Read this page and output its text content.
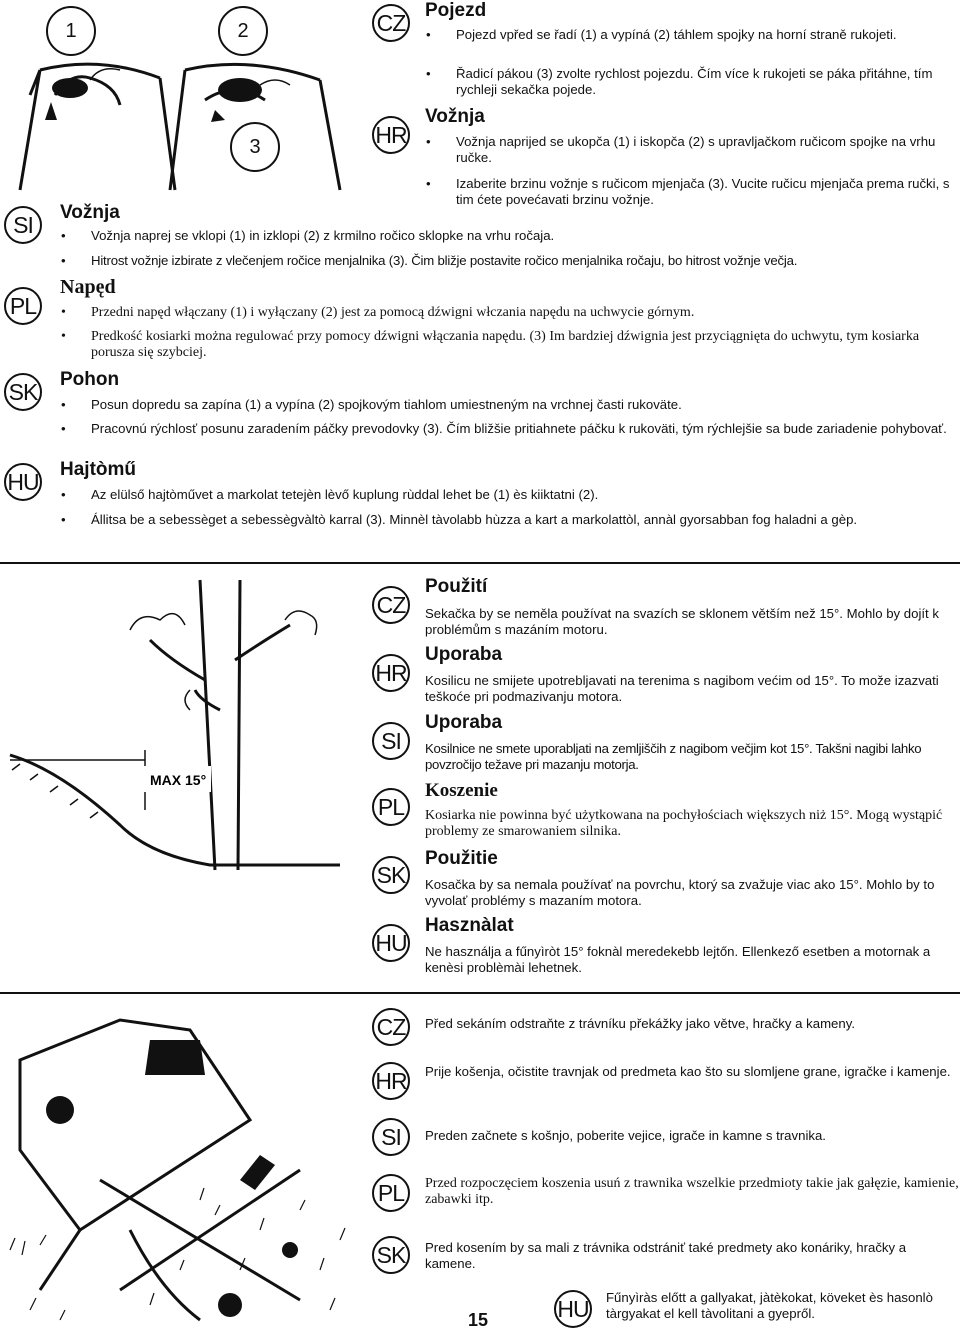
1	2
3
CZ Pojezd
• Pojezd vpřed se řadí (1) a vypíná (2) táhlem spojky na horní straně rukojeti.
• Řadicí pákou (3) zvolte rychlost pojezdu. Čím více k rukojeti se páka přitáhne, tím rychleji sekačka pojede.
HR
Vožnja
• Vožnja naprijed se ukopča (1) i iskopča (2) s upravljačkom ručicom spojke na vrhu ručke.
• Izaberite brzinu vožnje s ručicom mjenjača (3). Vucite ručicu mjenjača prema ručki, s tim ćete povećavati brzinu vožnje.
SI	Vožnja
• Vožnja naprej se vklopi (1) in izklopi (2) z krmilno ročico sklopke na vrhu ročaja.
• Hitrost vožnje izbirate z vlečenjem ročice menjalnika (3). Čim bližje postavite ročico menjalnika ročaju, bo hitrost vožnje večja.
PL
Napęd
• Przedni napęd włączany (1) i wyłączany (2) jest za pomocą dźwigni włczania napędu na uchwycie górnym.
• Predkość kosiarki można regulować przy pomocy dźwigni włączania napędu. (3) Im bardziej dźwignia jest przyciągnięta do uchwytu, tym kosiarka porusza się szybciej.
SK Pohon
• Posun dopredu sa zapína (1) a vypína (2) spojkovým tiahlom umiestneným na vrchnej časti rukoväte.
• Pracovnú rýchlosť posunu zaradením páčky prevodovky (3). Čím bližšie pritiahnete páčku k rukoväti, tým rýchlejšie sa bude zariadenie pohybovať.
HU Hajtòmű
• Az elülső hajtòművet a markolat tetejèn lèvő kuplung rùddal lehet be (1) ès kiiktatni (2).
• Állitsa be a sebessèget a sebessègvàltò karral (3). Minnèl tàvolabb hùzza a kart a markolattòl, annàl gyorsabban fog haladni a gèp.
MAX 15°
CZ
Použití
Sekačka by se neměla používat na svazích se sklonem větším než 15°. Mohlo by dojít k problémům s mazáním motoru.
HR
Uporaba
Kosilicu ne smijete upotrebljavati na terenima s nagibom većim od 15°. To može izazvati teškoće pri podmazivanju motora.
SI
Uporaba
Kosilnice ne smete uporabljati na zemljiščih z nagibom večjim kot 15°. Takšni nagibi lahko povzročijo težave pri mazanju motorja.
PL
Koszenie
Kosiarka nie powinna być użytkowana na pochyłościach większych niż 15°. Mogą wystąpić problemy ze smarowaniem silnika.
SK
Použitie
Kosačka by sa nemala používať na povrchu, ktorý sa zvažuje viac ako 15°. Mohlo by to vyvolať problémy s mazaním motora.
HU
Hasznàlat
Ne használja a fűnyìròt 15° foknàl meredekebb lejtőn. Ellenkező esetben a motornak a kenèsi problèmài lehetnek.
CZ	Před sekáním odstraňte z trávníku překážky jako větve, hračky a kameny.
HR Prije košenja, očistite travnjak od predmeta kao što su slomljene grane, igračke i kamenje.
SI	Preden začnete s košnjo, poberite vejice, igrače in kamne s travnika.
PL	Przed rozpoczęciem koszenia usuń z trawnika wszelkie przedmioty takie jak gałęzie, kamienie, zabawki itp.
SK	Pred kosením by sa mali z trávnika odstrániť také predmety ako konáriky, hračky a kamene.
HU Fűnyìràs előtt a gallyakat, jàtèkokat, köveket ès hasonlò tàrgyakat el kell tàvolitani a gyepről.
15
